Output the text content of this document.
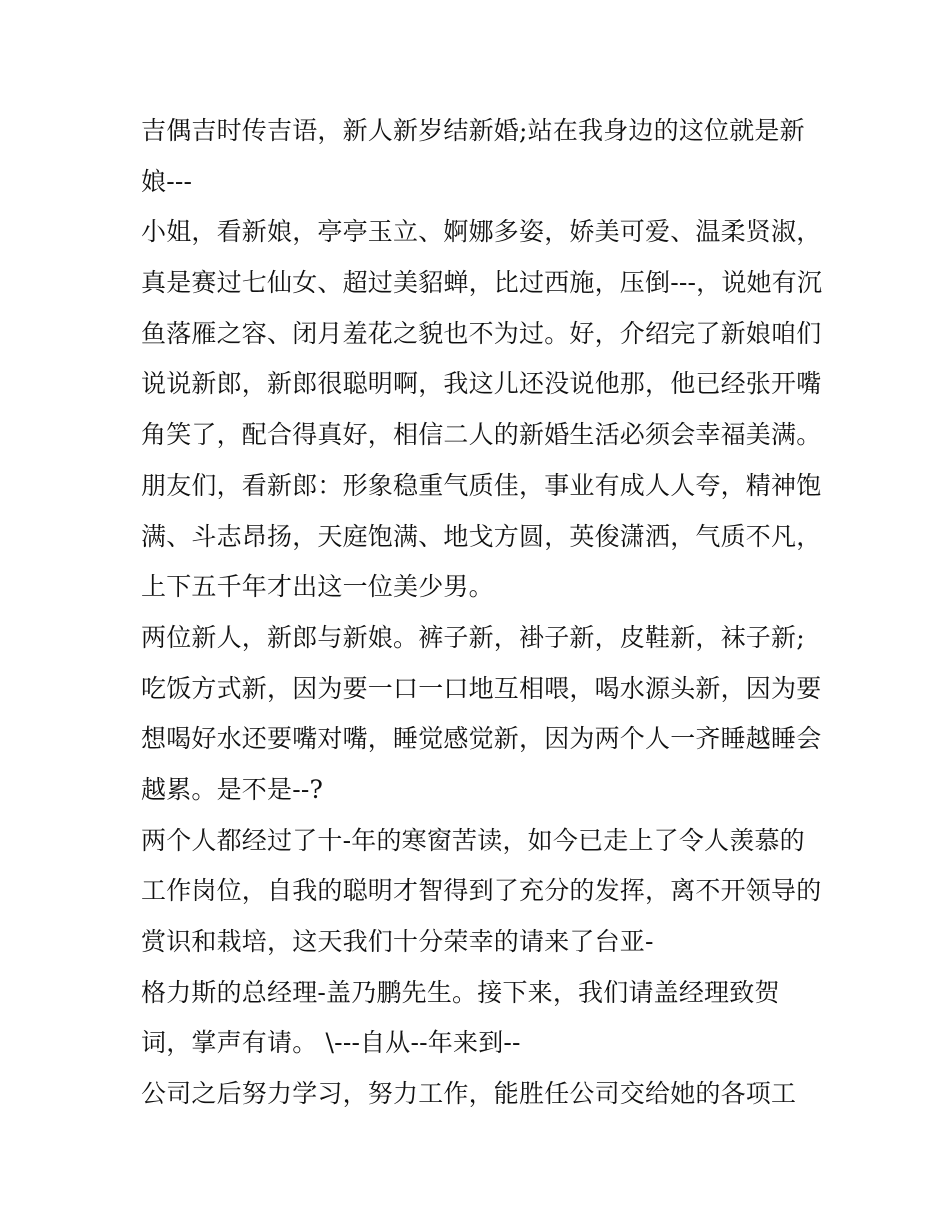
吉偶吉时传吉语，新人新岁结新婚;站在我身边的这位就是新
娘---
小姐，看新娘，亭亭玉立、婀娜多姿，娇美可爱、温柔贤淑，
真是赛过七仙女、超过美貂蝉，比过西施，压倒---，说她有沉
鱼落雁之容、闭月羞花之貌也不为过。好，介绍完了新娘咱们
说说新郎，新郎很聪明啊，我这儿还没说他那，他已经张开嘴
角笑了，配合得真好，相信二人的新婚生活必须会幸福美满。
朋友们，看新郎：形象稳重气质佳，事业有成人人夸，精神饱
满、斗志昂扬，天庭饱满、地戈方圆，英俊潇洒，气质不凡，
上下五千年才出这一位美少男。
两位新人，新郎与新娘。裤子新，褂子新，皮鞋新，袜子新;
吃饭方式新，因为要一口一口地互相喂，喝水源头新，因为要
想喝好水还要嘴对嘴，睡觉感觉新，因为两个人一齐睡越睡会
越累。是不是--?
两个人都经过了十-年的寒窗苦读，如今已走上了令人羡慕的
工作岗位，自我的聪明才智得到了充分的发挥，离不开领导的
赏识和栽培，这天我们十分荣幸的请来了台亚-
格力斯的总经理-盖乃鹏先生。接下来，我们请盖经理致贺
词，掌声有请。 \---自从--年来到--
公司之后努力学习，努力工作，能胜任公司交给她的各项工
